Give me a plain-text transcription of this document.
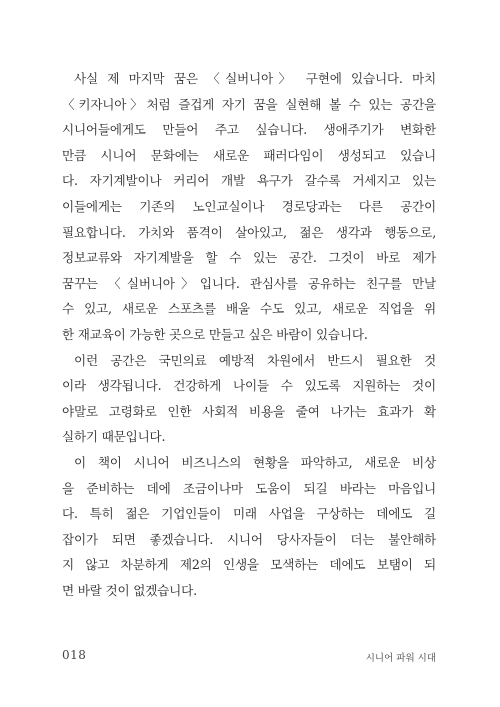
사실 제 마지막 꿈은 〈실버니아〉 구현에 있습니다. 마치
〈키자니아〉처럼 즐겁게 자기 꿈을 실현해 볼 수 있는 공간을
시니어들에게도 만들어 주고 싶습니다. 생애주기가 변화한
만큼 시니어 문화에는 새로운 패러다임이 생성되고 있습니
다. 자기계발이나 커리어 개발 욕구가 갈수록 거세지고 있는
이들에게는 기존의 노인교실이나 경로당과는 다른 공간이
필요합니다. 가치와 품격이 살아있고, 젊은 생각과 행동으로,
정보교류와 자기계발을 할 수 있는 공간. 그것이 바로 제가
꿈꾸는 〈실버니아〉입니다. 관심사를 공유하는 친구를 만날
수 있고, 새로운 스포츠를 배울 수도 있고, 새로운 직업을 위
한 재교육이 가능한 곳으로 만들고 싶은 바람이 있습니다.
이런 공간은 국민의료 예방적 차원에서 반드시 필요한 것
이라 생각됩니다. 건강하게 나이들 수 있도록 지원하는 것이
야말로 고령화로 인한 사회적 비용을 줄여 나가는 효과가 확
실하기 때문입니다.
이 책이 시니어 비즈니스의 현황을 파악하고, 새로운 비상
을 준비하는 데에 조금이나마 도움이 되길 바라는 마음입니
다. 특히 젊은 기업인들이 미래 사업을 구상하는 데에도 길
잡이가 되면 좋겠습니다. 시니어 당사자들이 더는 불안해하
지 않고 차분하게 제2의 인생을 모색하는 데에도 보탬이 되
면 바랄 것이 없겠습니다.
018	시니어 파워 시대
